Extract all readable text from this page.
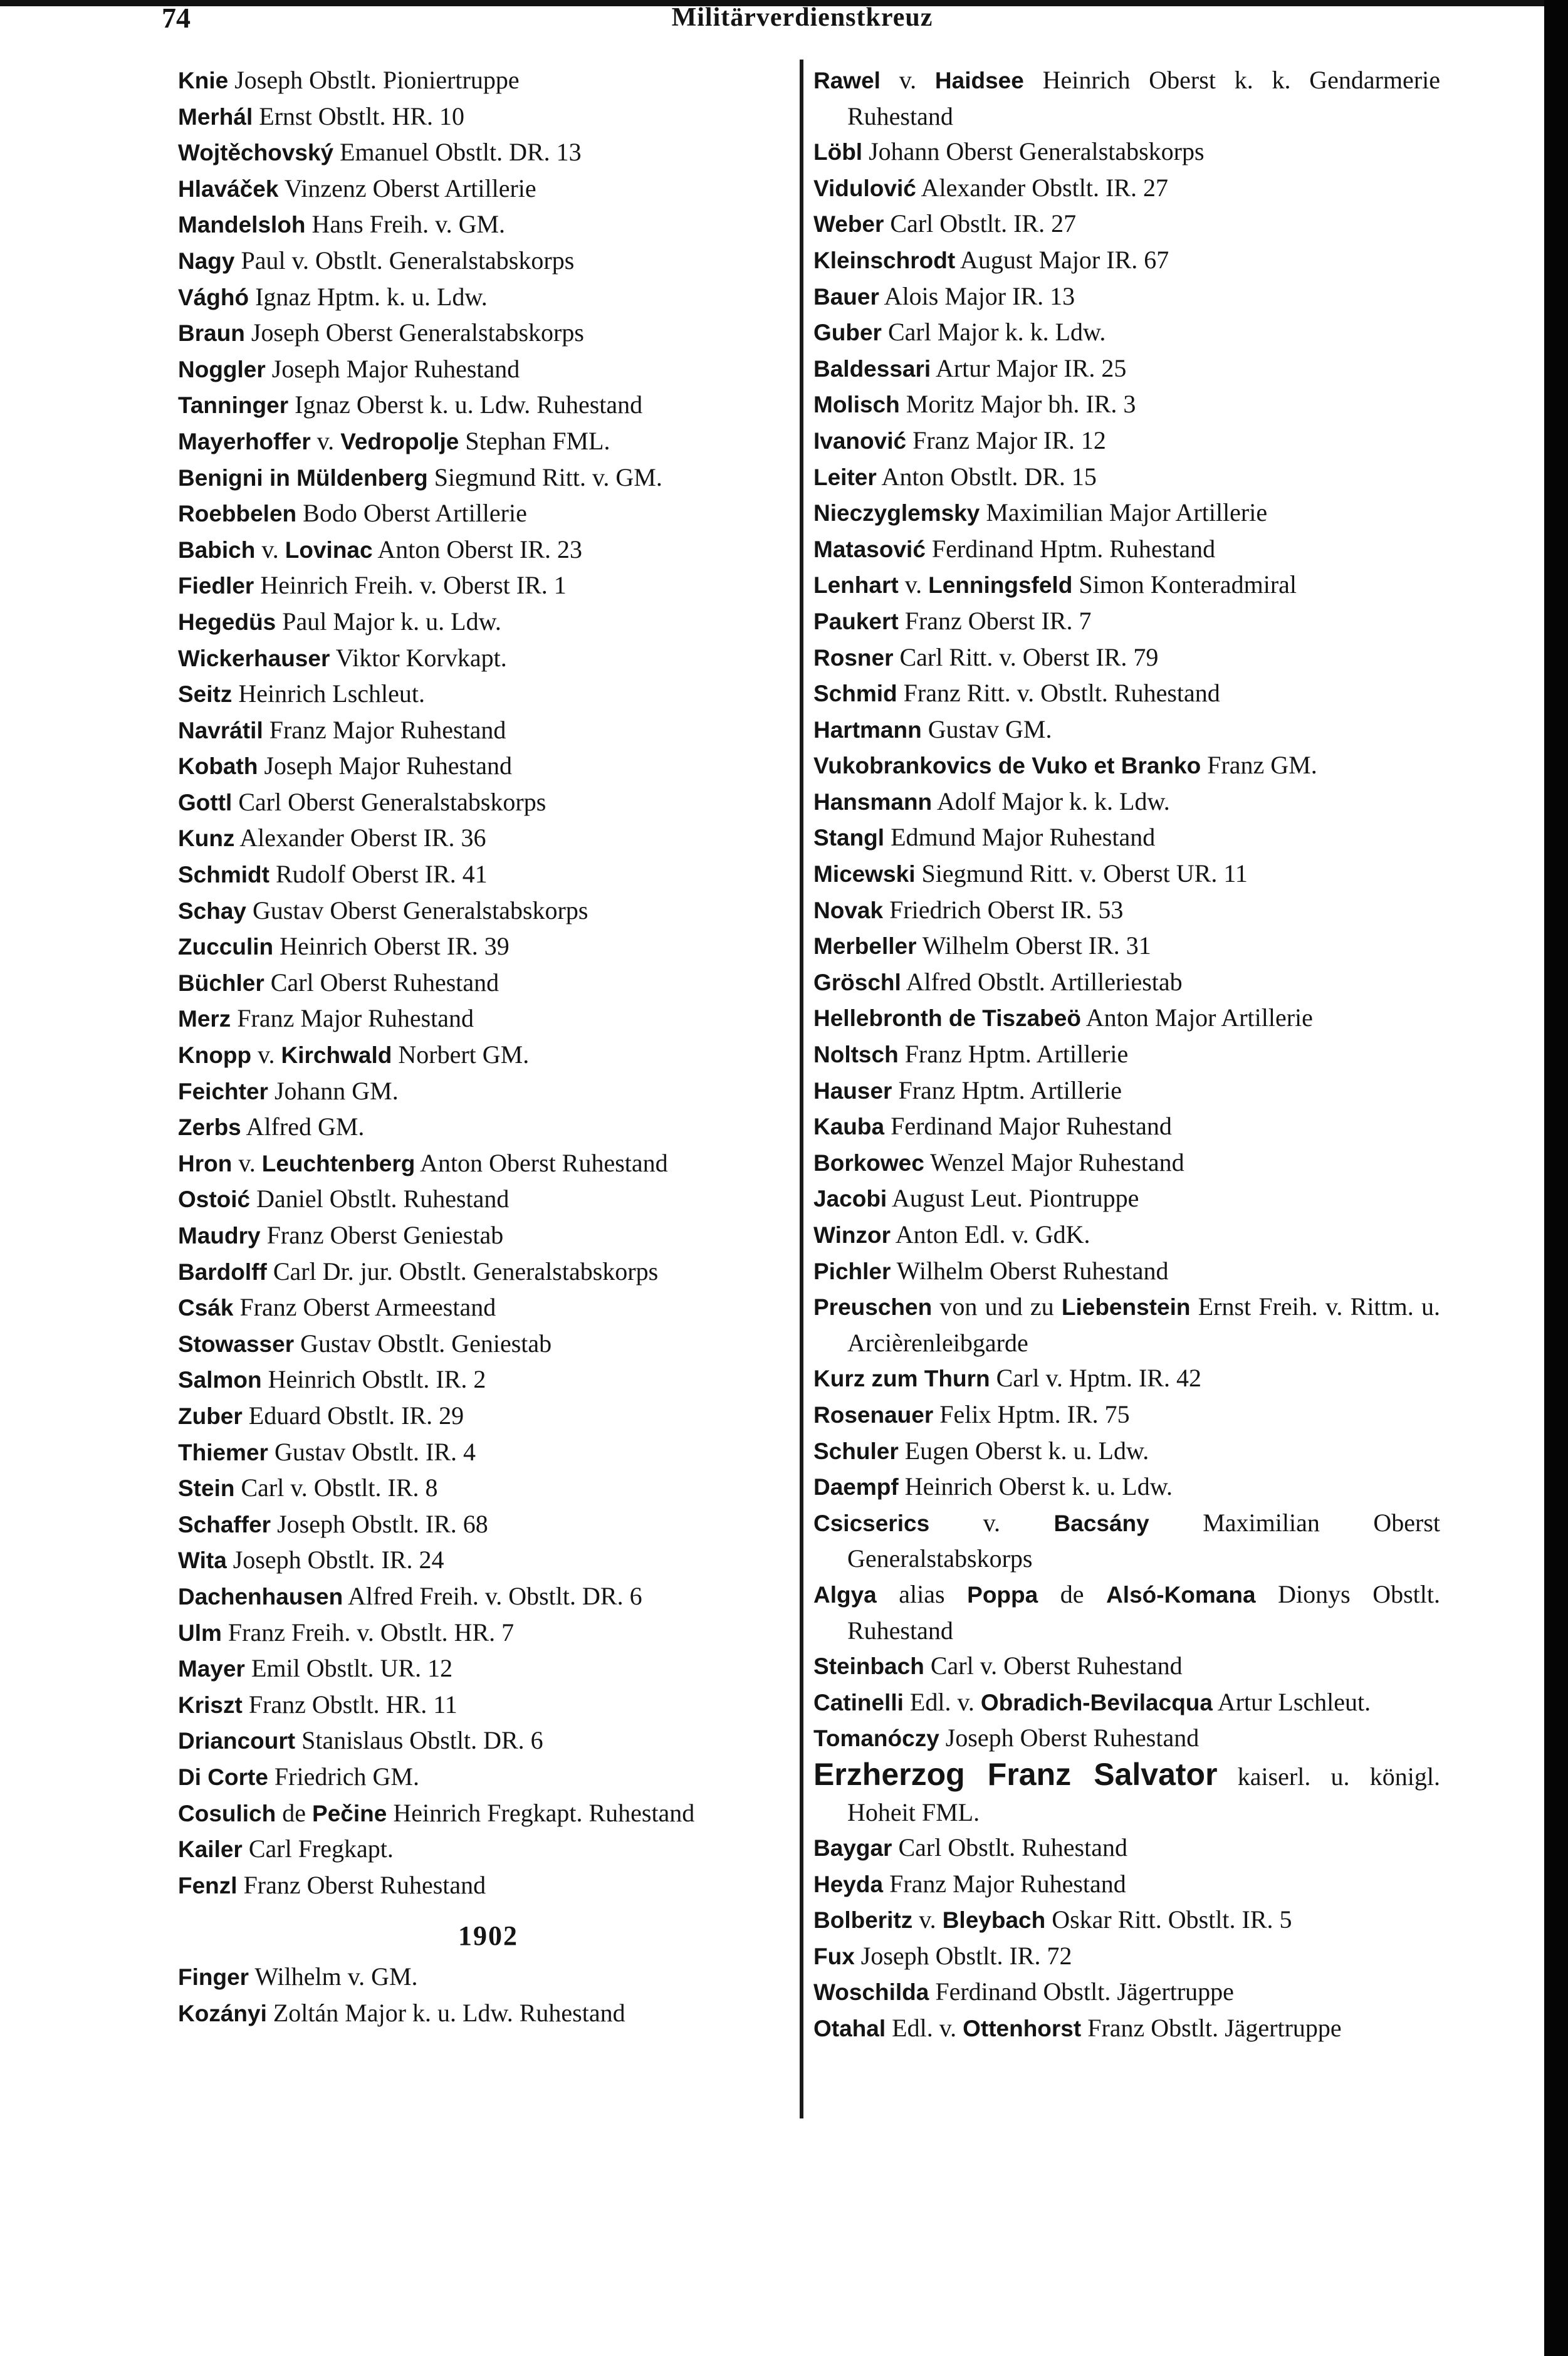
74	Militärverdienstkreuz
Knie Joseph Obstlt. Pioniertruppe
Merhál Ernst Obstlt. HR. 10
Wojtěchovský Emanuel Obstlt. DR. 13
Hlaváček Vinzenz Oberst Artillerie
Mandelsloh Hans Freih. v. GM.
Nagy Paul v. Obstlt. Generalstabskorps
Vághó Ignaz Hptm. k. u. Ldw.
Braun Joseph Oberst Generalstabskorps
Noggler Joseph Major Ruhestand
Tanninger Ignaz Oberst k. u. Ldw. Ruhestand
Mayerhoffer v. Vedropolje Stephan FML.
Benigni in Müldenberg Siegmund Ritt. v. GM.
Roebbelen Bodo Oberst Artillerie
Babich v. Lovinac Anton Oberst IR. 23
Fiedler Heinrich Freih. v. Oberst IR. 1
Hegedüs Paul Major k. u. Ldw.
Wickerhauser Viktor Korvkapt.
Seitz Heinrich Lschleut.
Navrátil Franz Major Ruhestand
Kobath Joseph Major Ruhestand
Gottl Carl Oberst Generalstabskorps
Kunz Alexander Oberst IR. 36
Schmidt Rudolf Oberst IR. 41
Schay Gustav Oberst Generalstabskorps
Zucculin Heinrich Oberst IR. 39
Büchler Carl Oberst Ruhestand
Merz Franz Major Ruhestand
Knopp v. Kirchwald Norbert GM.
Feichter Johann GM.
Zerbs Alfred GM.
Hron v. Leuchtenberg Anton Oberst Ruhestand
Ostoić Daniel Obstlt. Ruhestand
Maudry Franz Oberst Geniestab
Bardolff Carl Dr. jur. Obstlt. Generalstabskorps
Csák Franz Oberst Armeestand
Stowasser Gustav Obstlt. Geniestab
Salmon Heinrich Obstlt. IR. 2
Zuber Eduard Obstlt. IR. 29
Thiemer Gustav Obstlt. IR. 4
Stein Carl v. Obstlt. IR. 8
Schaffer Joseph Obstlt. IR. 68
Wita Joseph Obstlt. IR. 24
Dachenhausen Alfred Freih. v. Obstlt. DR. 6
Ulm Franz Freih. v. Obstlt. HR. 7
Mayer Emil Obstlt. UR. 12
Kriszt Franz Obstlt. HR. 11
Driancourt Stanislaus Obstlt. DR. 6
Di Corte Friedrich GM.
Cosulich de Pečine Heinrich Fregkapt. Ruhestand
Kailer Carl Fregkapt.
Fenzl Franz Oberst Ruhestand
1902
Finger Wilhelm v. GM.
Kozányi Zoltán Major k. u. Ldw. Ruhestand
Rawel v. Haidsee Heinrich Oberst k. k. Gendarmerie Ruhestand
Löbl Johann Oberst Generalstabskorps
Vidulović Alexander Obstlt. IR. 27
Weber Carl Obstlt. IR. 27
Kleinschrodt August Major IR. 67
Bauer Alois Major IR. 13
Guber Carl Major k. k. Ldw.
Baldessari Artur Major IR. 25
Molisch Moritz Major bh. IR. 3
Ivanović Franz Major IR. 12
Leiter Anton Obstlt. DR. 15
Nieczyglemsky Maximilian Major Artillerie
Matasović Ferdinand Hptm. Ruhestand
Lenhart v. Lenningsfeld Simon Konteradmiral
Paukert Franz Oberst IR. 7
Rosner Carl Ritt. v. Oberst IR. 79
Schmid Franz Ritt. v. Obstlt. Ruhestand
Hartmann Gustav GM.
Vukobrankovics de Vuko et Branko Franz GM.
Hansmann Adolf Major k. k. Ldw.
Stangl Edmund Major Ruhestand
Micewski Siegmund Ritt. v. Oberst UR. 11
Novak Friedrich Oberst IR. 53
Merbeller Wilhelm Oberst IR. 31
Gröschl Alfred Obstlt. Artilleriestab
Hellebronth de Tiszabeö Anton Major Artillerie
Noltsch Franz Hptm. Artillerie
Hauser Franz Hptm. Artillerie
Kauba Ferdinand Major Ruhestand
Borkowec Wenzel Major Ruhestand
Jacobi August Leut. Piontruppe
Winzor Anton Edl. v. GdK.
Pichler Wilhelm Oberst Ruhestand
Preuschen von und zu Liebenstein Ernst Freih. v. Rittm. u. Arcièrenleibgarde
Kurz zum Thurn Carl v. Hptm. IR. 42
Rosenauer Felix Hptm. IR. 75
Schuler Eugen Oberst k. u. Ldw.
Daempf Heinrich Oberst k. u. Ldw.
Csicserics v. Bacsány Maximilian Oberst Generalstabskorps
Algya alias Poppa de Alsó-Komana Dionys Obstlt. Ruhestand
Steinbach Carl v. Oberst Ruhestand
Catinelli Edl. v. Obradich-Bevilacqua Artur Lschleut.
Tomanóczy Joseph Oberst Ruhestand
Erzherzog Franz Salvator kaiserl. u. königl. Hoheit FML.
Baygar Carl Obstlt. Ruhestand
Heyda Franz Major Ruhestand
Bolberitz v. Bleybach Oskar Ritt. Obstlt. IR. 5
Fux Joseph Obstlt. IR. 72
Woschilda Ferdinand Obstlt. Jägertruppe
Otahal Edl. v. Ottenhorst Franz Obstlt. Jägertruppe
